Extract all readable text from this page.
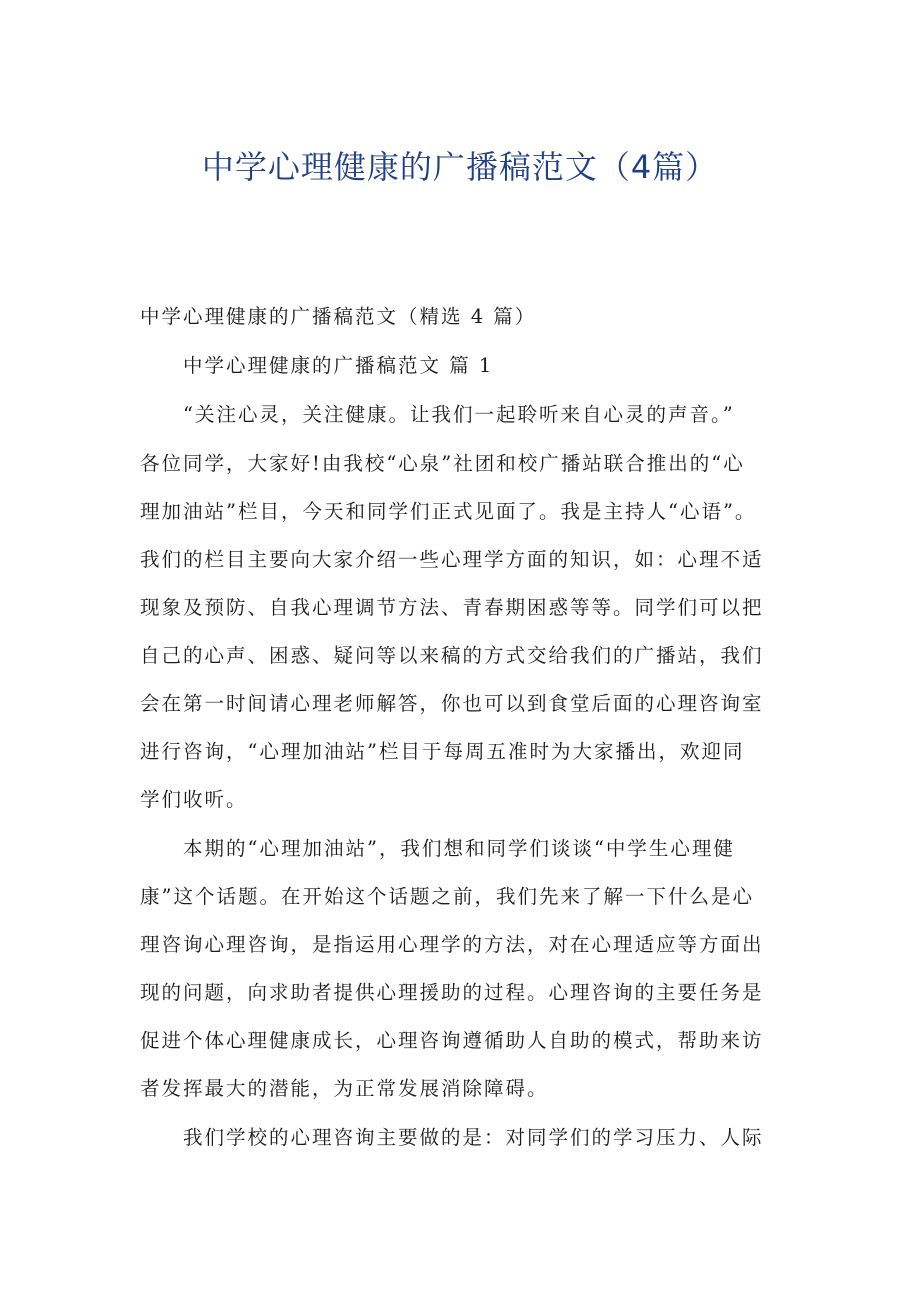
中学心理健康的广播稿范文（4篇）

中学心理健康的广播稿范文（精选 4 篇）

中学心理健康的广播稿范文 篇 1

“关注心灵，关注健康。让我们一起聆听来自心灵的声音。”

各位同学，大家好!由我校“心泉”社团和校广播站联合推出的“心

理加油站”栏目，今天和同学们正式见面了。我是主持人“心语”。

我们的栏目主要向大家介绍一些心理学方面的知识，如：心理不适

现象及预防、自我心理调节方法、青春期困惑等等。同学们可以把

自己的心声、困惑、疑问等以来稿的方式交给我们的广播站，我们

会在第一时间请心理老师解答，你也可以到食堂后面的心理咨询室

进行咨询，“心理加油站”栏目于每周五准时为大家播出，欢迎同

学们收听。

本期的“心理加油站”，我们想和同学们谈谈“中学生心理健

康”这个话题。在开始这个话题之前，我们先来了解一下什么是心

理咨询心理咨询，是指运用心理学的方法，对在心理适应等方面出

现的问题，向求助者提供心理援助的过程。心理咨询的主要任务是

促进个体心理健康成长，心理咨询遵循助人自助的模式，帮助来访

者发挥最大的潜能，为正常发展消除障碍。

我们学校的心理咨询主要做的是：对同学们的学习压力、人际
